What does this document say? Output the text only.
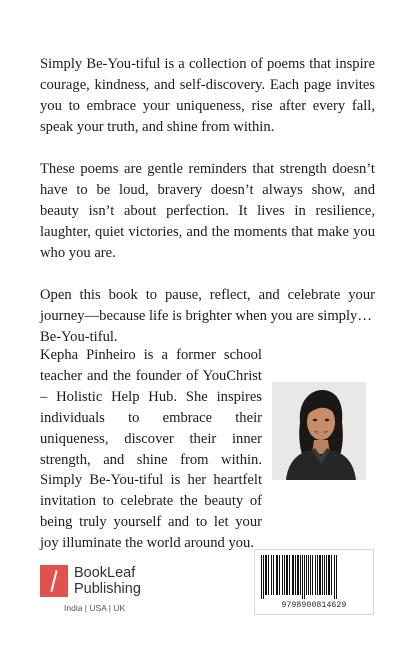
Simply Be-You-tiful is a collection of poems that inspire courage, kindness, and self-discovery. Each page invites you to embrace your uniqueness, rise after every fall, speak your truth, and shine from within.

These poems are gentle reminders that strength doesn’t have to be loud, bravery doesn’t always show, and beauty isn’t about perfection. It lives in resilience, laughter, quiet victories, and the moments that make you who you are.

Open this book to pause, reflect, and celebrate your journey—because life is brighter when you are simply…
Be-You-tiful.

Kepha Pinheiro is a former school teacher and the founder of YouChrist – Holistic Help Hub. She inspires individuals to embrace their uniqueness, discover their inner strength, and shine from within. Simply Be-You-tiful is her heartfelt invitation to celebrate the beauty of being truly yourself and to let your joy illuminate the world around you.
BookLeaf
Publishing
India | USA | UK	9798900814629
